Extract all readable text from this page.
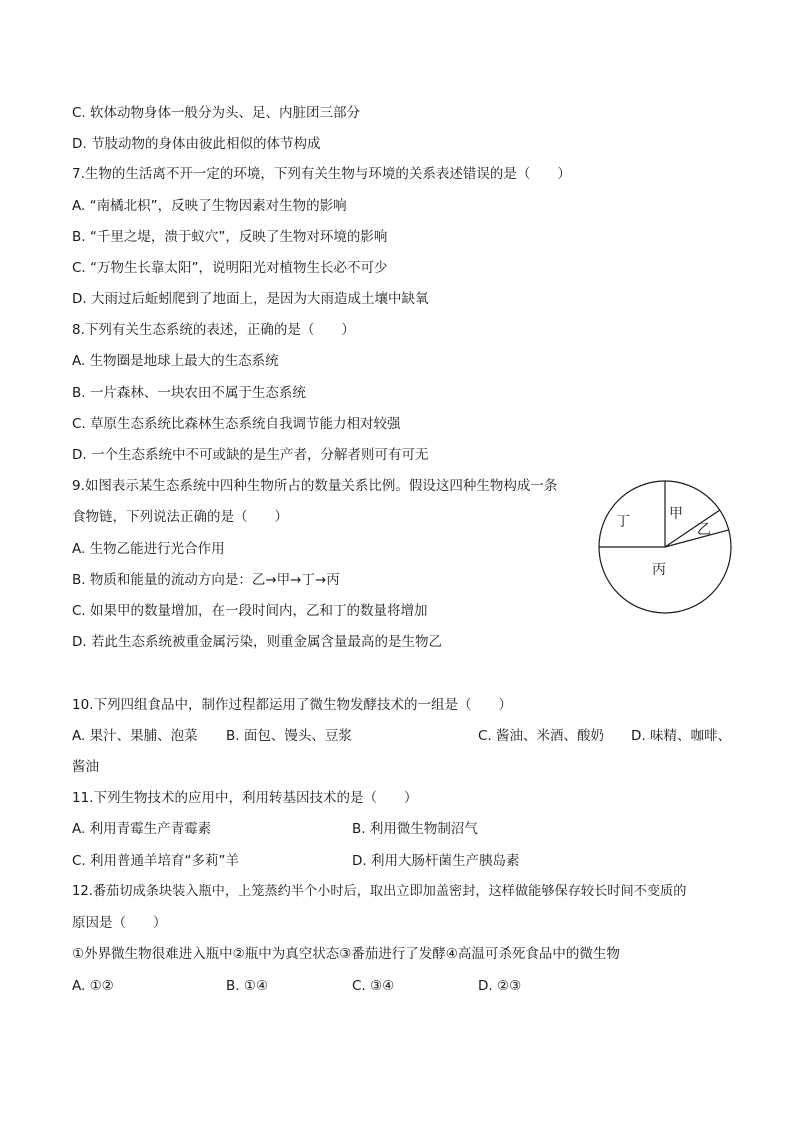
C. 软体动物身体一般分为头、足、内脏团三部分
D. 节肢动物的身体由彼此相似的体节构成
7.生物的生活离不开一定的环境，下列有关生物与环境的关系表述错误的是（　　）
A. “南橘北枳”，反映了生物因素对生物的影响
B. “千里之堤，溃于蚁穴”，反映了生物对环境的影响
C. “万物生长靠太阳”，说明阳光对植物生长必不可少
D. 大雨过后蚯蚓爬到了地面上，是因为大雨造成土壤中缺氧
8.下列有关生态系统的表述，正确的是（　　）
A. 生物圈是地球上最大的生态系统
B. 一片森林、一块农田不属于生态系统
C. 草原生态系统比森林生态系统自我调节能力相对较强
D. 一个生态系统中不可或缺的是生产者，分解者则可有可无
9.如图表示某生态系统中四种生物所占的数量关系比例。假设这四种生物构成一条
食物链，下列说法正确的是（　　）
A. 生物乙能进行光合作用
B. 物质和能量的流动方向是：乙→甲→丁→丙
C. 如果甲的数量增加，在一段时间内，乙和丁的数量将增加
D. 若此生态系统被重金属污染，则重金属含量最高的是生物乙
丁	甲
乙
丙
10.下列四组食品中，制作过程都运用了微生物发酵技术的一组是（　　）
A. 果汁、果脯、泡菜 B. 面包、馒头、豆浆	C. 酱油、米酒、酸奶 D. 味精、咖啡、
酱油
11.下列生物技术的应用中，利用转基因技术的是（　　）
A. 利用青霉生产青霉素	B. 利用微生物制沼气
C. 利用普通羊培育“多莉”羊	D. 利用大肠杆菌生产胰岛素
12.番茄切成条块装入瓶中，上笼蒸约半个小时后，取出立即加盖密封，这样做能够保存较长时间不变质的
原因是（　　）
①外界微生物很难进入瓶中②瓶中为真空状态③番茄进行了发酵④高温可杀死食品中的微生物
A. ①②	B. ①④	C. ③④	D. ②③
